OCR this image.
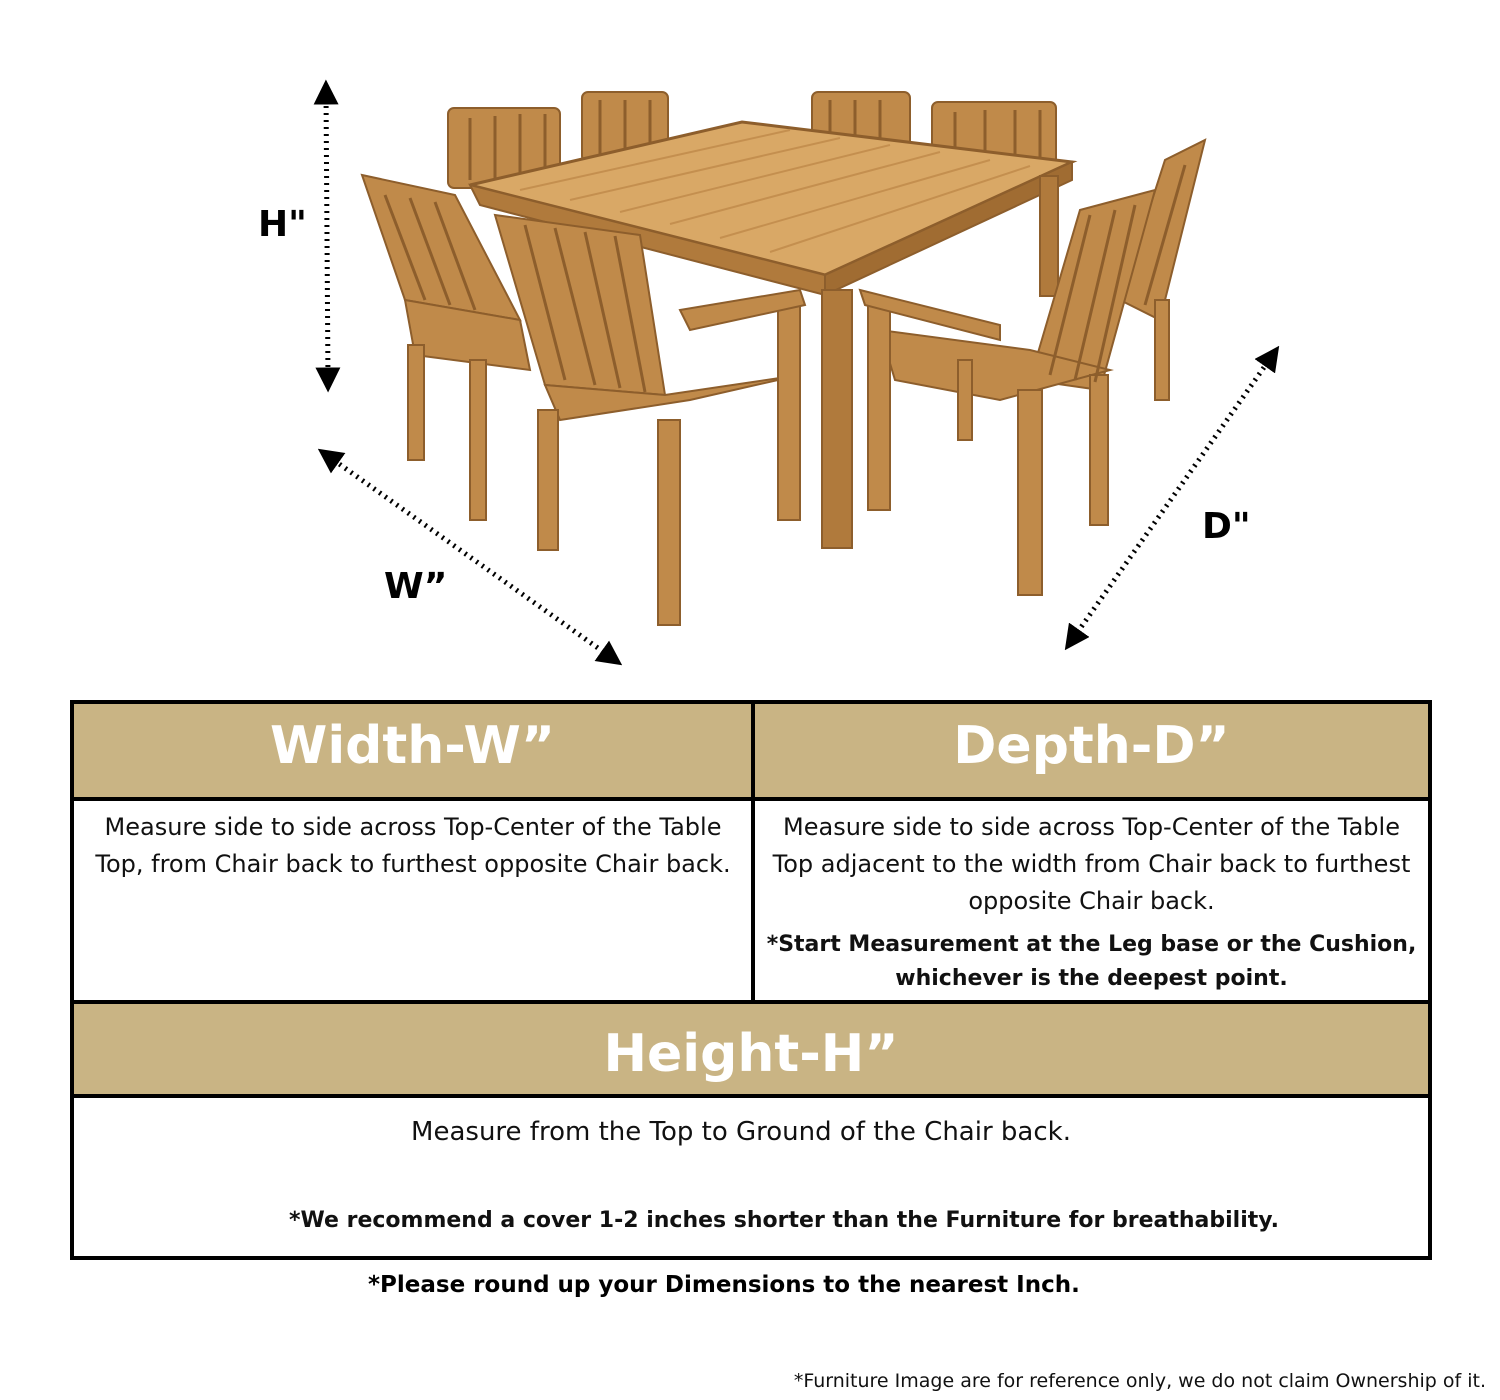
H"
W”
D"
Width-W”	Depth-D”
Measure side to side across Top-Center of the Table Top, from Chair back to furthest opposite Chair back.
Measure side to side across Top-Center of the Table Top adjacent to the width from Chair back to furthest opposite Chair back.
*Start Measurement at the Leg base or the Cushion, whichever is the deepest point.
Height-H”
Measure from the Top to Ground of the Chair back.
*We recommend a cover 1-2 inches shorter than the Furniture for breathability.
*Please round up your Dimensions to the nearest Inch.
*Furniture Image are for reference only, we do not claim Ownership of it.
